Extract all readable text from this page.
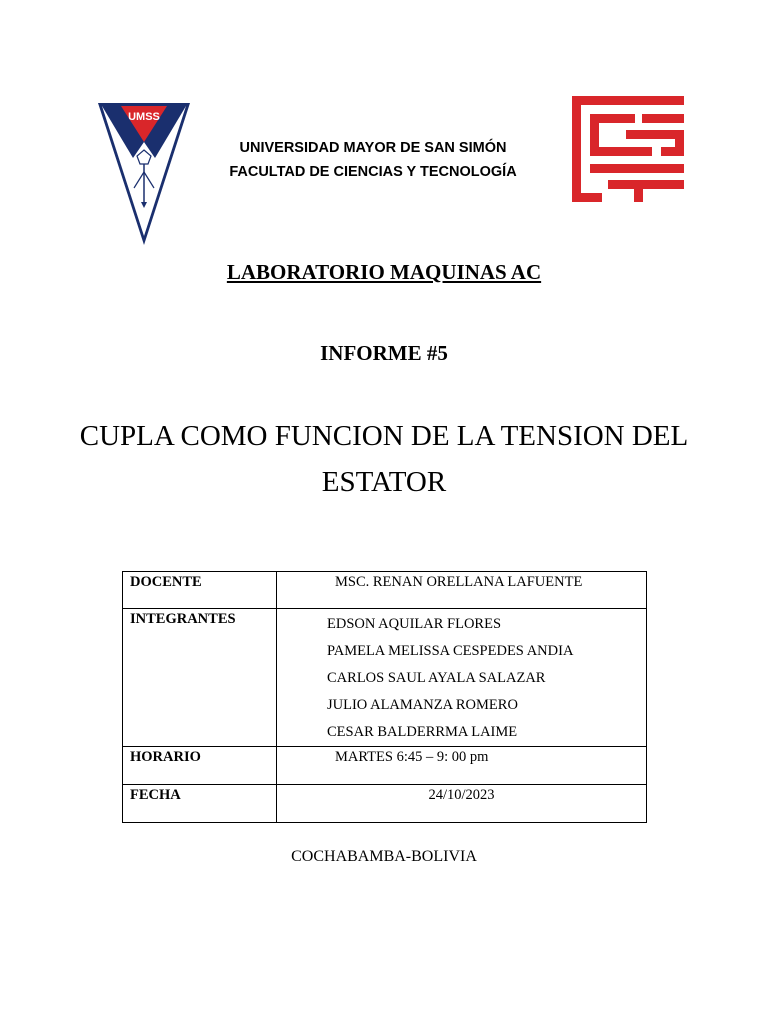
UMSS
UNIVERSIDAD MAYOR DE SAN SIMÓN
FACULTAD DE CIENCIAS Y TECNOLOGÍA
LABORATORIO MAQUINAS AC
INFORME #5
CUPLA COMO FUNCION DE LA TENSION DEL
ESTATOR
DOCENTE	MSC. RENAN ORELLANA LAFUENTE
INTEGRANTES	EDSON AQUILAR FLORES
PAMELA MELISSA CESPEDES ANDIA
CARLOS SAUL AYALA SALAZAR
JULIO ALAMANZA ROMERO
CESAR BALDERRMA LAIME

HORARIO	MARTES 6:45 – 9: 00 pm
FECHA	24/10/2023
COCHABAMBA-BOLIVIA
